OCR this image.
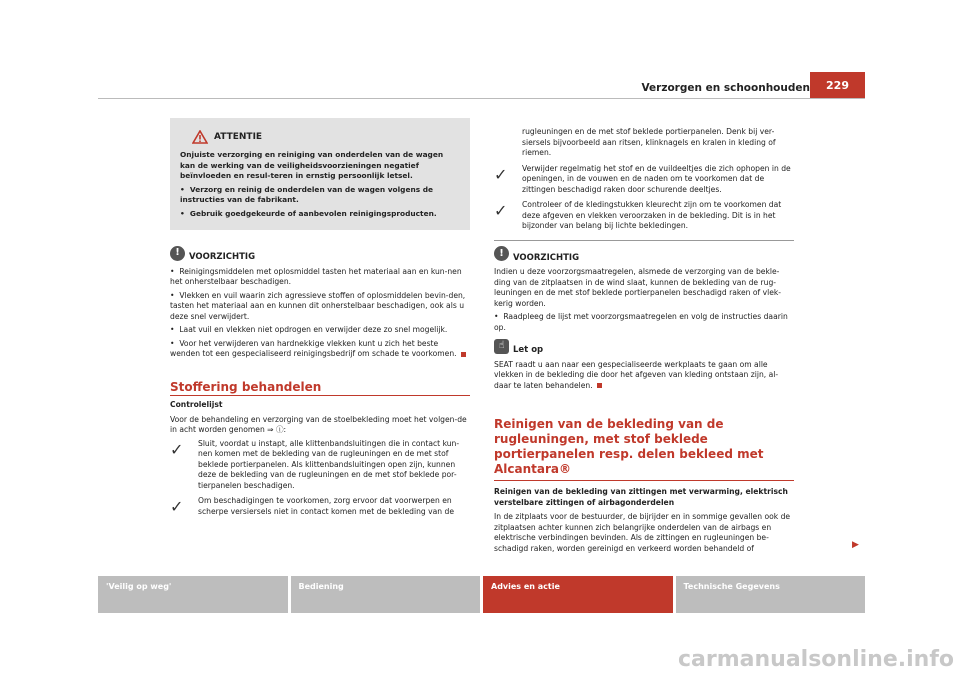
Verzorgen en schoonhouden	229
ATTENTIE

Onjuiste verzorging en reiniging van onderdelen van de wagen kan de werking van de veiligheidsvoorzieningen negatief beïnvloeden en resul-teren in ernstig persoonlijk letsel.

•  Verzorg en reinig de onderdelen van de wagen volgens de instructies van de fabrikant.

•  Gebruik goedgekeurde of aanbevolen reinigingsproducten.

!	VOORZICHTIG

•  Reinigingsmiddelen met oplosmiddel tasten het materiaal aan en kun-nen het onherstelbaar beschadigen.

•  Vlekken en vuil waarin zich agressieve stoffen of oplosmiddelen bevin-den, tasten het materiaal aan en kunnen dit onherstelbaar beschadigen, ook als u deze snel verwijdert.

•  Laat vuil en vlekken niet opdrogen en verwijder deze zo snel mogelijk.

•  Voor het verwijderen van hardnekkige vlekken kunt u zich het beste wenden tot een gespecialiseerd reinigingsbedrijf om schade te voorkomen.

Stoffering behandelen
Controlelijst

Voor de behandeling en verzorging van de stoelbekleding moet het volgen-de in acht worden genomen ⇒ ⓘ:

✓ Sluit, voordat u instapt, alle klittenbandsluitingen die in contact kun-nen komen met de bekleding van de rugleuningen en de met stof beklede portierpanelen. Als klittenbandsluitingen open zijn, kunnen deze de bekleding van de rugleuningen en de met stof beklede por-tierpanelen beschadigen.
✓ Om beschadigingen te voorkomen, zorg ervoor dat voorwerpen en scherpe versiersels niet in contact komen met de bekleding van de
rugleuningen en de met stof beklede portierpanelen. Denk bij ver-siersels bijvoorbeeld aan ritsen, klinknagels en kralen in kleding of riemen.
✓ Verwijder regelmatig het stof en de vuildeeltjes die zich ophopen in de openingen, in de vouwen en de naden om te voorkomen dat de zittingen beschadigd raken door schurende deeltjes.
✓ Controleer of de kledingstukken kleurecht zijn om te voorkomen dat deze afgeven en vlekken veroorzaken in de bekleding. Dit is in het bijzonder van belang bij lichte bekledingen.
!	VOORZICHTIG

Indien u deze voorzorgsmaatregelen, alsmede de verzorging van de bekle-ding van de zitplaatsen in de wind slaat, kunnen de bekleding van de rug-leuningen en de met stof beklede portierpanelen beschadigd raken of vlek-kerig worden.

•  Raadpleeg de lijst met voorzorgsmaatregelen en volg de instructies daarin op.

☝ Let op

SEAT raadt u aan naar een gespecialiseerde werkplaats te gaan om alle vlekken in de bekleding die door het afgeven van kleding ontstaan zijn, al-daar te laten behandelen.

Reinigen van de bekleding van de rugleuningen, met stof beklede portierpanelen resp. delen bekleed met Alcantara®
Reinigen van de bekleding van zittingen met verwarming, elektrisch verstelbare zittingen of airbagonderdelen

In de zitplaats voor de bestuurder, de bijrijder en in sommige gevallen ook de zitplaatsen achter kunnen zich belangrijke onderdelen van de airbags en elektrische verbindingen bevinden. Als de zittingen en rugleuningen be-schadigd raken, worden gereinigd en verkeerd worden behandeld of	▶
'Veilig op weg'	Bediening	Advies en actie	Technische Gegevens
carmanualsonline.info
